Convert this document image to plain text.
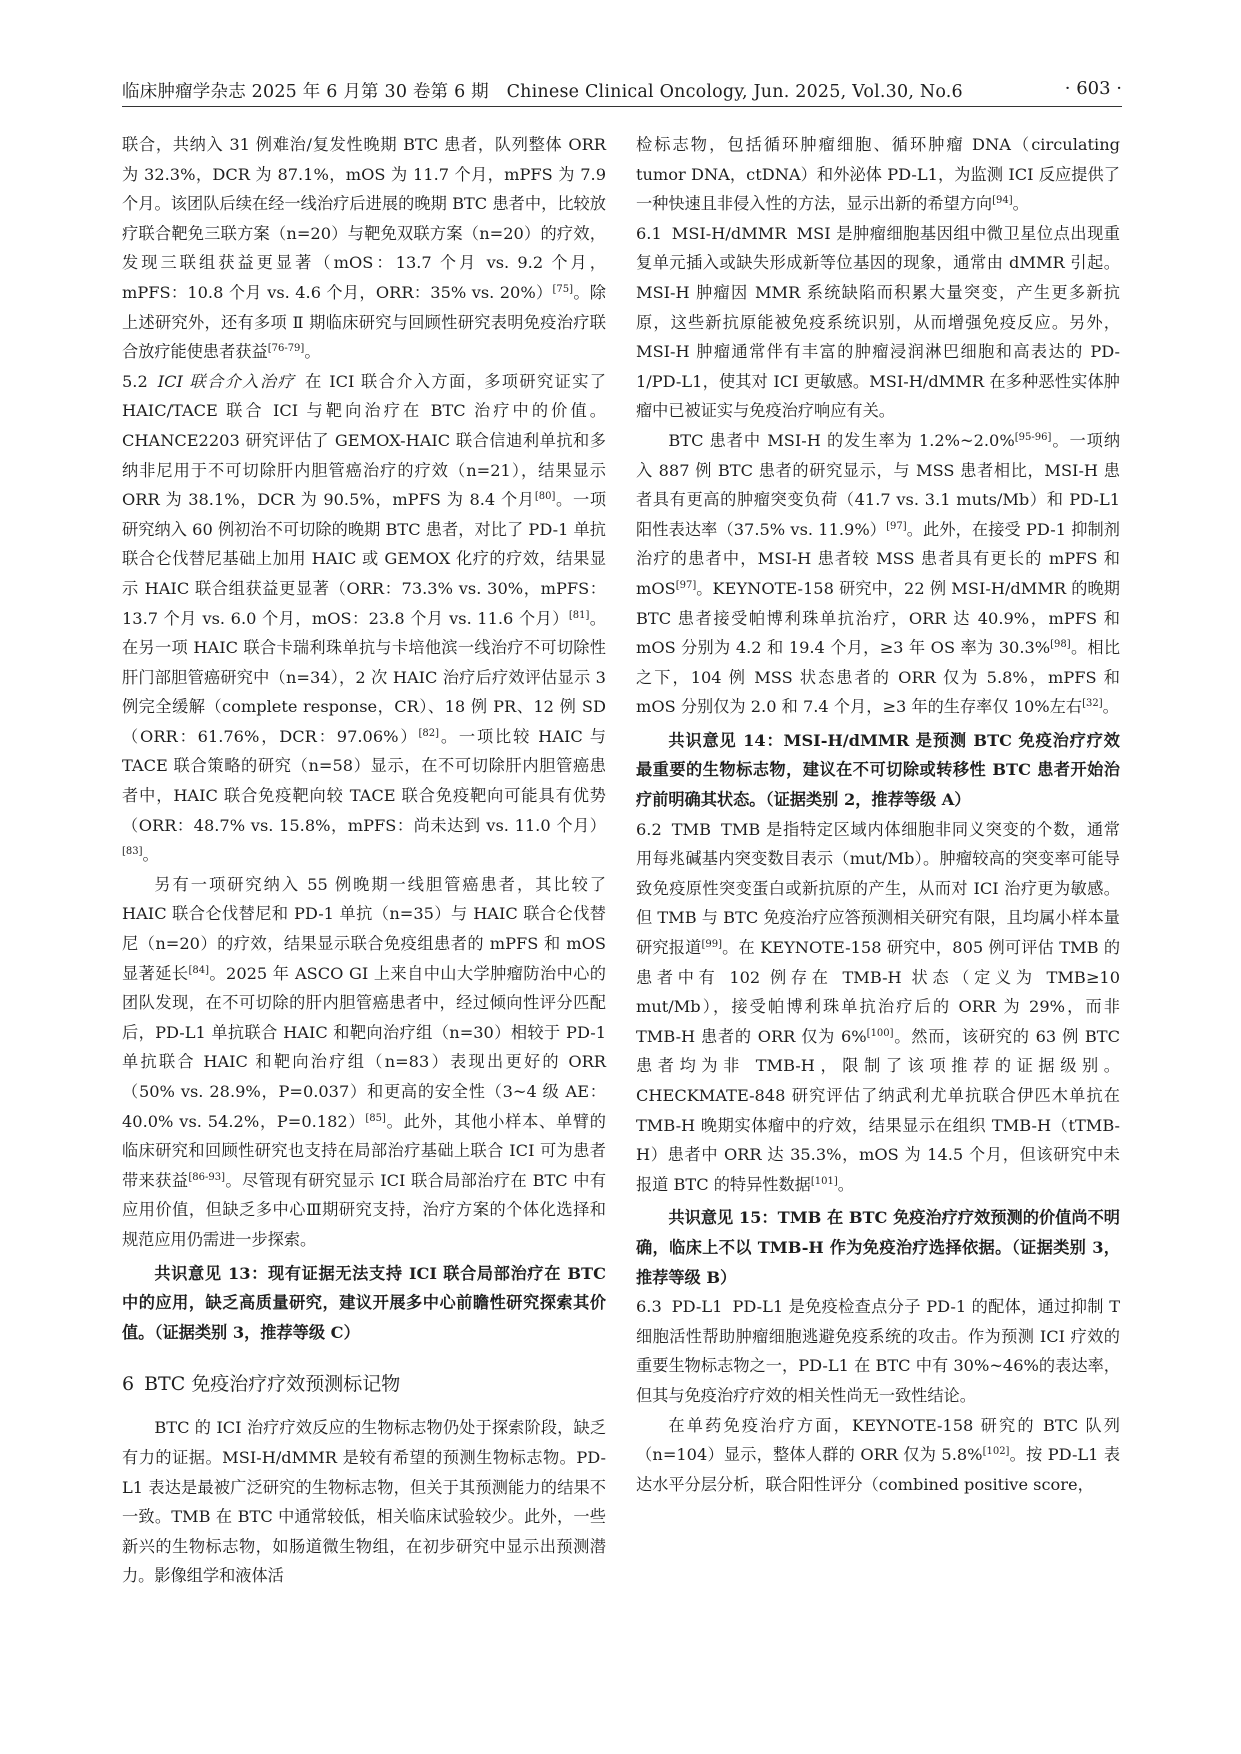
临床肿瘤学杂志 2025 年 6 月第 30 卷第 6 期　Chinese Clinical Oncology, Jun. 2025, Vol.30, No.6	· 603 ·

联合，共纳入 31 例难治/复发性晚期 BTC 患者，队列整体 ORR 为 32.3%，DCR 为 87.1%，mOS 为 11.7 个月，mPFS 为 7.9 个月。该团队后续在经一线治疗后进展的晚期 BTC 患者中，比较放疗联合靶免三联方案（n=20）与靶免双联方案（n=20）的疗效，发现三联组获益更显著（mOS：13.7 个月 vs. 9.2 个月，mPFS：10.8 个月 vs. 4.6 个月，ORR：35% vs. 20%）[75]。除上述研究外，还有多项 Ⅱ 期临床研究与回顾性研究表明免疫治疗联合放疗能使患者获益[76-79]。

5.2 ICI 联合介入治疗 在 ICI 联合介入方面，多项研究证实了 HAIC/TACE 联合 ICI 与靶向治疗在 BTC 治疗中的价值。CHANCE2203 研究评估了 GEMOX-HAIC 联合信迪利单抗和多纳非尼用于不可切除肝内胆管癌治疗的疗效（n=21），结果显示 ORR 为 38.1%，DCR 为 90.5%，mPFS 为 8.4 个月[80]。一项研究纳入 60 例初治不可切除的晚期 BTC 患者，对比了 PD-1 单抗联合仑伐替尼基础上加用 HAIC 或 GEMOX 化疗的疗效，结果显示 HAIC 联合组获益更显著（ORR：73.3% vs. 30%，mPFS：13.7 个月 vs. 6.0 个月，mOS：23.8 个月 vs. 11.6 个月）[81]。在另一项 HAIC 联合卡瑞利珠单抗与卡培他滨一线治疗不可切除性肝门部胆管癌研究中（n=34），2 次 HAIC 治疗后疗效评估显示 3 例完全缓解（complete response，CR）、18 例 PR、12 例 SD（ORR：61.76%，DCR：97.06%）[82]。一项比较 HAIC 与 TACE 联合策略的研究（n=58）显示，在不可切除肝内胆管癌患者中，HAIC 联合免疫靶向较 TACE 联合免疫靶向可能具有优势（ORR：48.7% vs. 15.8%，mPFS：尚未达到 vs. 11.0 个月）[83]。

另有一项研究纳入 55 例晚期一线胆管癌患者，其比较了 HAIC 联合仑伐替尼和 PD-1 单抗（n=35）与 HAIC 联合仑伐替尼（n=20）的疗效，结果显示联合免疫组患者的 mPFS 和 mOS 显著延长[84]。2025 年 ASCO GI 上来自中山大学肿瘤防治中心的团队发现，在不可切除的肝内胆管癌患者中，经过倾向性评分匹配后，PD-L1 单抗联合 HAIC 和靶向治疗组（n=30）相较于 PD-1 单抗联合 HAIC 和靶向治疗组（n=83）表现出更好的 ORR（50% vs. 28.9%，P=0.037）和更高的安全性（3~4 级 AE：40.0% vs. 54.2%，P=0.182）[85]。此外，其他小样本、单臂的临床研究和回顾性研究也支持在局部治疗基础上联合 ICI 可为患者带来获益[86-93]。尽管现有研究显示 ICI 联合局部治疗在 BTC 中有应用价值，但缺乏多中心Ⅲ期研究支持，治疗方案的个体化选择和规范应用仍需进一步探索。

共识意见 13：现有证据无法支持 ICI 联合局部治疗在 BTC 中的应用，缺乏高质量研究，建议开展多中心前瞻性研究探索其价值。（证据类别 3，推荐等级 C）

6 BTC 免疫治疗疗效预测标记物

BTC 的 ICI 治疗疗效反应的生物标志物仍处于探索阶段，缺乏有力的证据。MSI-H/dMMR 是较有希望的预测生物标志物。PD-L1 表达是最被广泛研究的生物标志物，但关于其预测能力的结果不一致。TMB 在 BTC 中通常较低，相关临床试验较少。此外，一些新兴的生物标志物，如肠道微生物组，在初步研究中显示出预测潜力。影像组学和液体活

检标志物，包括循环肿瘤细胞、循环肿瘤 DNA（circulating tumor DNA，ctDNA）和外泌体 PD-L1，为监测 ICI 反应提供了一种快速且非侵入性的方法，显示出新的希望方向[94]。

6.1 MSI-H/dMMR MSI 是肿瘤细胞基因组中微卫星位点出现重复单元插入或缺失形成新等位基因的现象，通常由 dMMR 引起。MSI-H 肿瘤因 MMR 系统缺陷而积累大量突变，产生更多新抗原，这些新抗原能被免疫系统识别，从而增强免疫反应。另外，MSI-H 肿瘤通常伴有丰富的肿瘤浸润淋巴细胞和高表达的 PD-1/PD-L1，使其对 ICI 更敏感。MSI-H/dMMR 在多种恶性实体肿瘤中已被证实与免疫治疗响应有关。

BTC 患者中 MSI-H 的发生率为 1.2%~2.0%[95-96]。一项纳入 887 例 BTC 患者的研究显示，与 MSS 患者相比，MSI-H 患者具有更高的肿瘤突变负荷（41.7 vs. 3.1 muts/Mb）和 PD-L1 阳性表达率（37.5% vs. 11.9%）[97]。此外，在接受 PD-1 抑制剂治疗的患者中，MSI-H 患者较 MSS 患者具有更长的 mPFS 和 mOS[97]。KEYNOTE-158 研究中，22 例 MSI-H/dMMR 的晚期 BTC 患者接受帕博利珠单抗治疗，ORR 达 40.9%，mPFS 和 mOS 分别为 4.2 和 19.4 个月，≥3 年 OS 率为 30.3%[98]。相比之下，104 例 MSS 状态患者的 ORR 仅为 5.8%，mPFS 和 mOS 分别仅为 2.0 和 7.4 个月，≥3 年的生存率仅 10%左右[32]。

共识意见 14：MSI-H/dMMR 是预测 BTC 免疫治疗疗效最重要的生物标志物，建议在不可切除或转移性 BTC 患者开始治疗前明确其状态。（证据类别 2，推荐等级 A）

6.2 TMB TMB 是指特定区域内体细胞非同义突变的个数，通常用每兆碱基内突变数目表示（mut/Mb）。肿瘤较高的突变率可能导致免疫原性突变蛋白或新抗原的产生，从而对 ICI 治疗更为敏感。但 TMB 与 BTC 免疫治疗应答预测相关研究有限，且均属小样本量研究报道[99]。在 KEYNOTE-158 研究中，805 例可评估 TMB 的患者中有 102 例存在 TMB-H 状态（定义为 TMB≥10 mut/Mb），接受帕博利珠单抗治疗后的 ORR 为 29%，而非 TMB-H 患者的 ORR 仅为 6%[100]。然而，该研究的 63 例 BTC 患者均为非 TMB-H，限制了该项推荐的证据级别。CHECKMATE-848 研究评估了纳武利尤单抗联合伊匹木单抗在 TMB-H 晚期实体瘤中的疗效，结果显示在组织 TMB-H（tTMB-H）患者中 ORR 达 35.3%，mOS 为 14.5 个月，但该研究中未报道 BTC 的特异性数据[101]。

共识意见 15：TMB 在 BTC 免疫治疗疗效预测的价值尚不明确，临床上不以 TMB-H 作为免疫治疗选择依据。（证据类别 3，推荐等级 B）

6.3 PD-L1 PD-L1 是免疫检查点分子 PD-1 的配体，通过抑制 T 细胞活性帮助肿瘤细胞逃避免疫系统的攻击。作为预测 ICI 疗效的重要生物标志物之一，PD-L1 在 BTC 中有 30%~46%的表达率，但其与免疫治疗疗效的相关性尚无一致性结论。

在单药免疫治疗方面，KEYNOTE-158 研究的 BTC 队列（n=104）显示，整体人群的 ORR 仅为 5.8%[102]。按 PD-L1 表达水平分层分析，联合阳性评分（combined positive score，
